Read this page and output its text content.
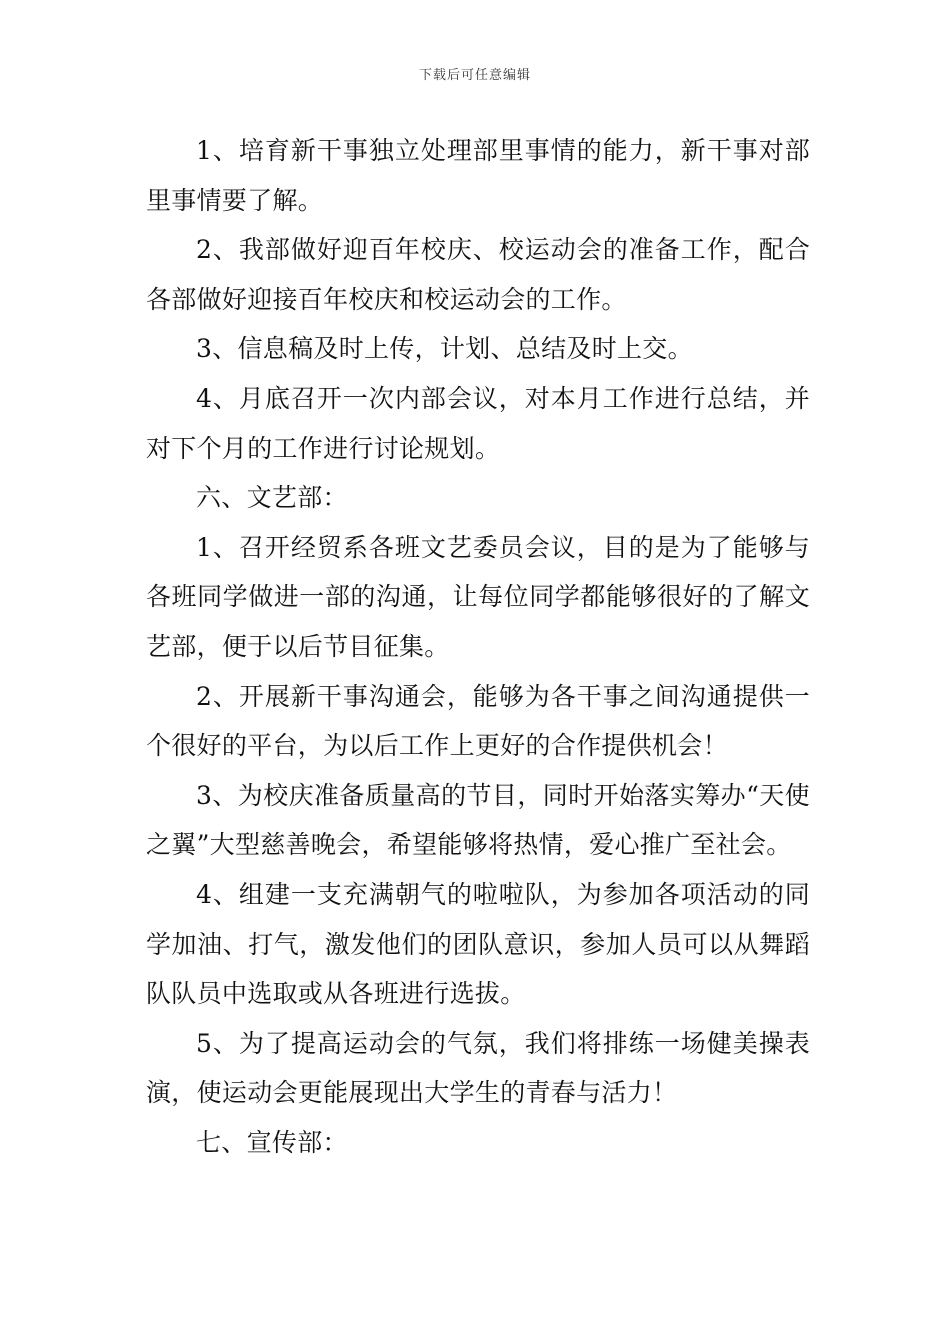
下载后可任意编辑

1、培育新干事独立处理部里事情的能力，新干事对部里事情要了解。

2、我部做好迎百年校庆、校运动会的准备工作，配合各部做好迎接百年校庆和校运动会的工作。

3、信息稿及时上传，计划、总结及时上交。

4、月底召开一次内部会议，对本月工作进行总结，并对下个月的工作进行讨论规划。

六、文艺部：

1、召开经贸系各班文艺委员会议，目的是为了能够与各班同学做进一部的沟通，让每位同学都能够很好的了解文艺部，便于以后节目征集。

2、开展新干事沟通会，能够为各干事之间沟通提供一个很好的平台，为以后工作上更好的合作提供机会！

3、为校庆准备质量高的节目，同时开始落实筹办“天使之翼”大型慈善晚会，希望能够将热情，爱心推广至社会。

4、组建一支充满朝气的啦啦队，为参加各项活动的同学加油、打气，激发他们的团队意识，参加人员可以从舞蹈队队员中选取或从各班进行选拔。

5、为了提高运动会的气氛，我们将排练一场健美操表演，使运动会更能展现出大学生的青春与活力！

七、宣传部：
